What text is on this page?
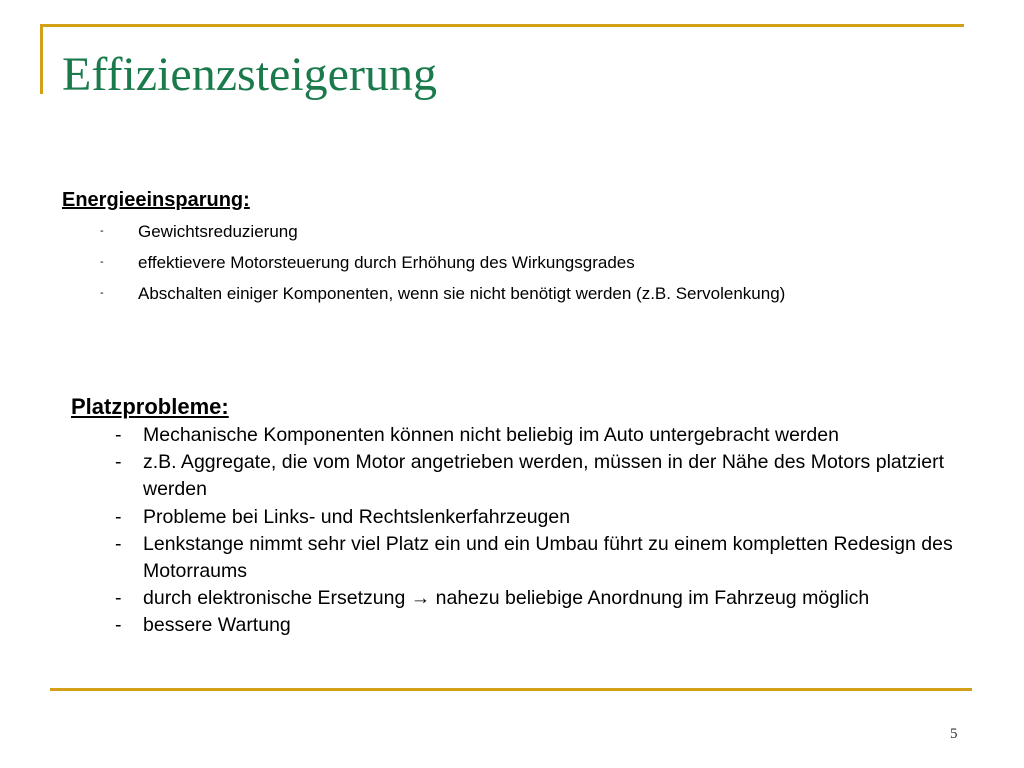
Effizienzsteigerung
Energieeinsparung:
- Gewichtsreduzierung
- effektievere Motorsteuerung durch Erhöhung des Wirkungsgrades
- Abschalten einiger Komponenten, wenn sie nicht benötigt werden (z.B. Servolenkung)
Platzprobleme:
- Mechanische Komponenten können nicht beliebig im Auto untergebracht werden
- z.B. Aggregate, die vom Motor angetrieben werden, müssen in der Nähe des Motors platziert werden
- Probleme bei Links- und Rechtslenkerfahrzeugen
- Lenkstange nimmt sehr viel Platz ein und ein Umbau führt zu einem kompletten Redesign des Motorraums
- durch elektronische Ersetzung → nahezu beliebige Anordnung im Fahrzeug möglich
- bessere Wartung
5
